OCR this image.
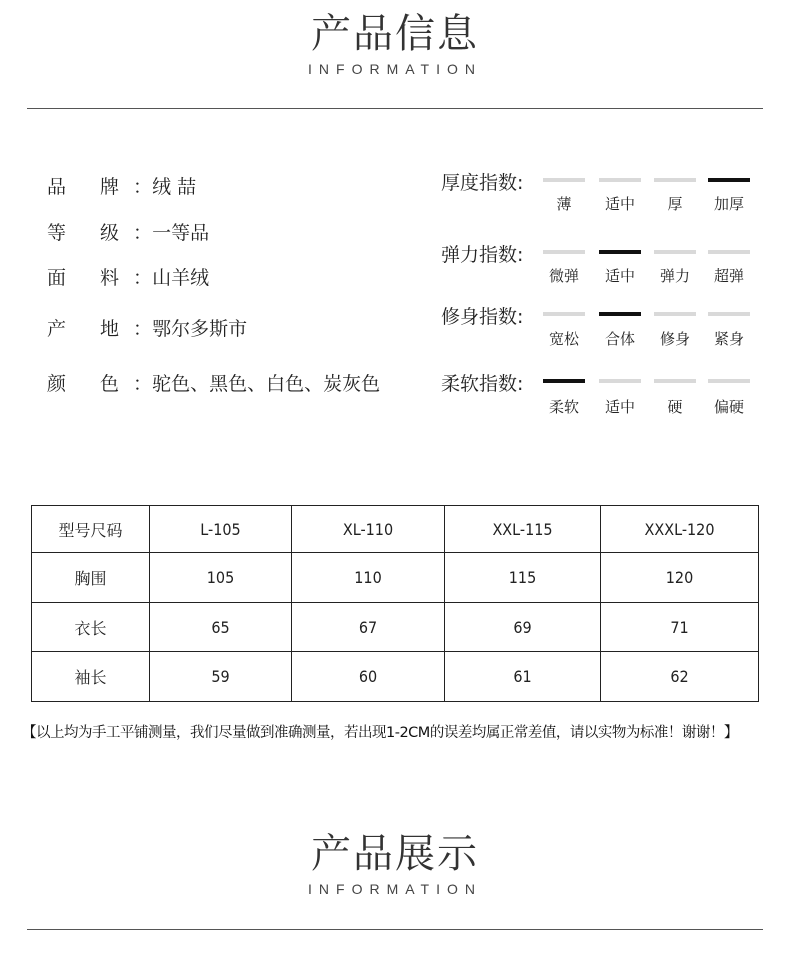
产品信息
INFORMATION
品 牌：绒 喆
等 级：一等品
面 料：山羊绒
产 地：鄂尔多斯市
颜 色：驼色、黑色、白色、炭灰色
厚度指数:
薄	适中	厚	加厚
弹力指数:
微弹	适中	弹力	超弹
修身指数:
宽松	合体	修身	紧身
柔软指数:
柔软	适中	硬	偏硬
型号尺码	L-105	XL-110	XXL-115	XXXL-120
胸围	105	110	115	120
衣长	65	67	69	71
袖长	59	60	61	62
【以上均为手工平铺测量，我们尽量做到准确测量，若出现1-2CM的误差均属正常差值，请以实物为标准！谢谢！】
产品展示
INFORMATION
